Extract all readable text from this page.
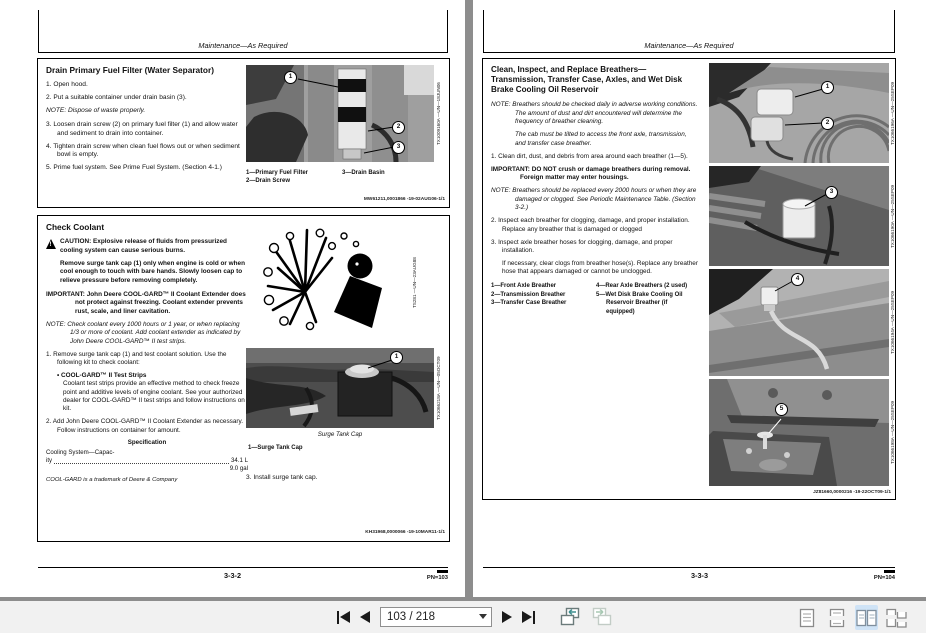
Maintenance—As Required
Drain Primary Fuel Filter (Water Separator)
1. Open hood.
2. Put a suitable container under drain basin (3).
NOTE: Dispose of waste properly.
3. Loosen drain screw (2) on primary fuel filter (1) and allow water and sediment to drain into container.
4. Tighten drain screw when clean fuel flows out or when sediment bowl is empty.
5. Prime fuel system. See Prime Fuel System. (Section 4-1.)
1
2
3
TX1009160A —UN—18JUN06
1—Primary Fuel Filter
2—Drain Screw
3—Drain Basin
MW61211,0001866 -19-02AUG06-1/1
Check Coolant
!
CAUTION: Explosive release of fluids from pressurized cooling system can cause serious burns.
Remove surge tank cap (1) only when engine is cold or when cool enough to touch with bare hands. Slowly loosen cap to relieve pressure before removing completely.
IMPORTANT: John Deere COOL-GARD™ II Coolant Extender does not protect against freezing. Coolant extender prevents rust, scale, and liner cavitation.
NOTE: Check coolant every 1000 hours or 1 year, or when replacing 1/3 or more of coolant. Add coolant extender as indicated by John Deere COOL-GARD™ II test strips.
1. Remove surge tank cap (1) and test coolant solution. Use the following kit to check coolant:
• COOL-GARD™ II Test Strips
Coolant test strips provide an effective method to check freeze point and additive levels of engine coolant. See your authorized dealer for COOL-GARD™ II test strips and follow instructions on kit.
2. Add John Deere COOL-GARD™ II Coolant Extender as necessary. Follow instructions on container for amount.
Specification
Cooling System—Capac-
ity	34.1 L
9.0 gal
COOL-GARD is a trademark of Deere & Company
TS281 —UN—23AUG88
1	TX1066218A —UN—05OCT09
Surge Tank Cap
1—Surge Tank Cap
3. Install surge tank cap.
KH31968,0000066 -19-10MAR11-1/1
3-3-2	PN=103
Maintenance—As Required
Clean, Inspect, and Replace Breathers—Transmission, Transfer Case, Axles, and Wet Disk Brake Cooling Oil Reservoir
NOTE: Breathers should be checked daily in adverse working conditions. The amount of dust and dirt encountered will determine the frequency of breather cleaning.
The cab must be tilted to access the front axle, transmission, and transfer case breather.
1. Clean dirt, dust, and debris from area around each breather (1—5).
IMPORTANT: DO NOT crush or damage breathers during removal. Foreign matter may enter housings.
NOTE: Breathers should be replaced every 2000 hours or when they are damaged or clogged. See Periodic Maintenance Table. (Section 3-2.)
2. Inspect each breather for clogging, damage, and proper installation. Replace any breather that is damaged or clogged
3. Inspect axle breather hoses for clogging, damage, and proper installation.
If necessary, clear clogs from breather hose(s). Replace any breather hose that appears damaged or cannot be unclogged.
1—Front Axle Breather
2—Transmission Breather
3—Transfer Case Breather
4—Rear Axle Breathers (2 used)
5—Wet Disk Brake Cooling Oil Reservoir Breather (if equipped)
1
2	TX1066196A —UN—25SEP09
3	TX1066190A —UN—25SEP09
4
TX1066194A —UN—25SEP09
5	TX1066198A —UN—25SEP09
JZ81660,0000216 -19-22OCT09-1/1
3-3-3	PN=104
103 / 218
